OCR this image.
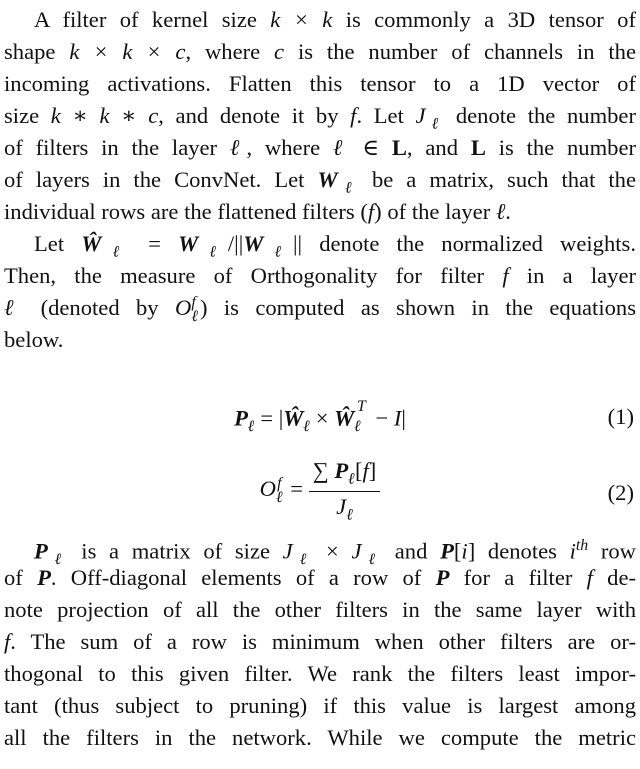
A filter of kernel size k × k is commonly a 3D tensor of
shape k × k × c, where c is the number of channels in the
incoming activations. Flatten this tensor to a 1D vector of
size k ∗ k ∗ c, and denote it by f. Let $J_\ell$ denote the number
of filters in the layer ℓ, where ℓ ∈ L, and L is the number
of layers in the ConvNet. Let $W_\ell$ be a matrix, such that the
individual rows are the flattened filters (f) of the layer ℓ.
Let $Ŵ_\ell = W_\ell/||W_\ell||$ denote the normalized weights.
Then, the measure of Orthogonality for filter f in a layer
ℓ (denoted by O f
ℓ ) is computed as shown in the equations
below.
$P_\ell$ = $|Ŵ_\ell$ × $Ŵ_\ell^T - I|$	(1)
O f
ℓ = $\frac{\sum P_\ell[f]}{J_\ell}$	(2)
$P_\ell$ is a matrix of size $J_\ell \times J_\ell$ and P[i] denotes $i^{th}$ row
of P. Off-diagonal elements of a row of P for a filter f de-
note projection of all the other filters in the same layer with
f. The sum of a row is minimum when other filters are or-
thogonal to this given filter. We rank the filters least impor-
tant (thus subject to pruning) if this value is largest among
all the filters in the network. While we compute the metric
